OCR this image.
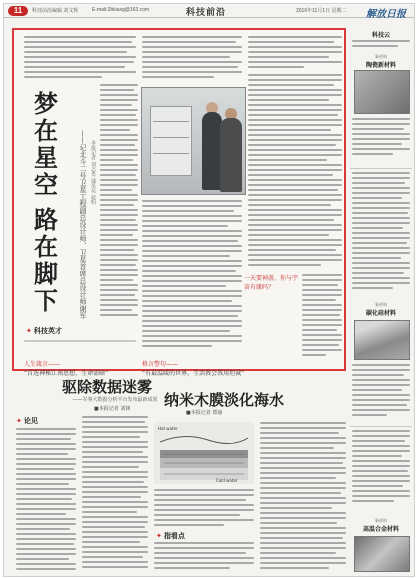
11	科技前沿编辑 刘文辉	E-mail:2bkiaxg@163.com	科技前沿	2016年11月1日 星期二 解放日报
梦
在
星
空

路
在
脚
下	——记北斗二号卫星工程副总设计师、卫星首席总设计师谢军 本报记者 刘志勇 通讯员 赵明
一天要神游，你与宇宙有缘吗？
✦ 科技英才
人生箴言——
“首选神秘江南思想，生命需暗”
格言警句——
“有最温暖的世界，生活教会我用坦诚”
驱除数据迷雾
——军事大数据分析平台发布最新成果
■本报记者 刘锋
✦ 论见
纳米木膜淡化海水
■本报记者 郑丽
Hot water
Cold water
✦ 指看点
科技云
新材料
陶瓷新材料
新材料
碳化硅材料
新材料
高温合金材料
